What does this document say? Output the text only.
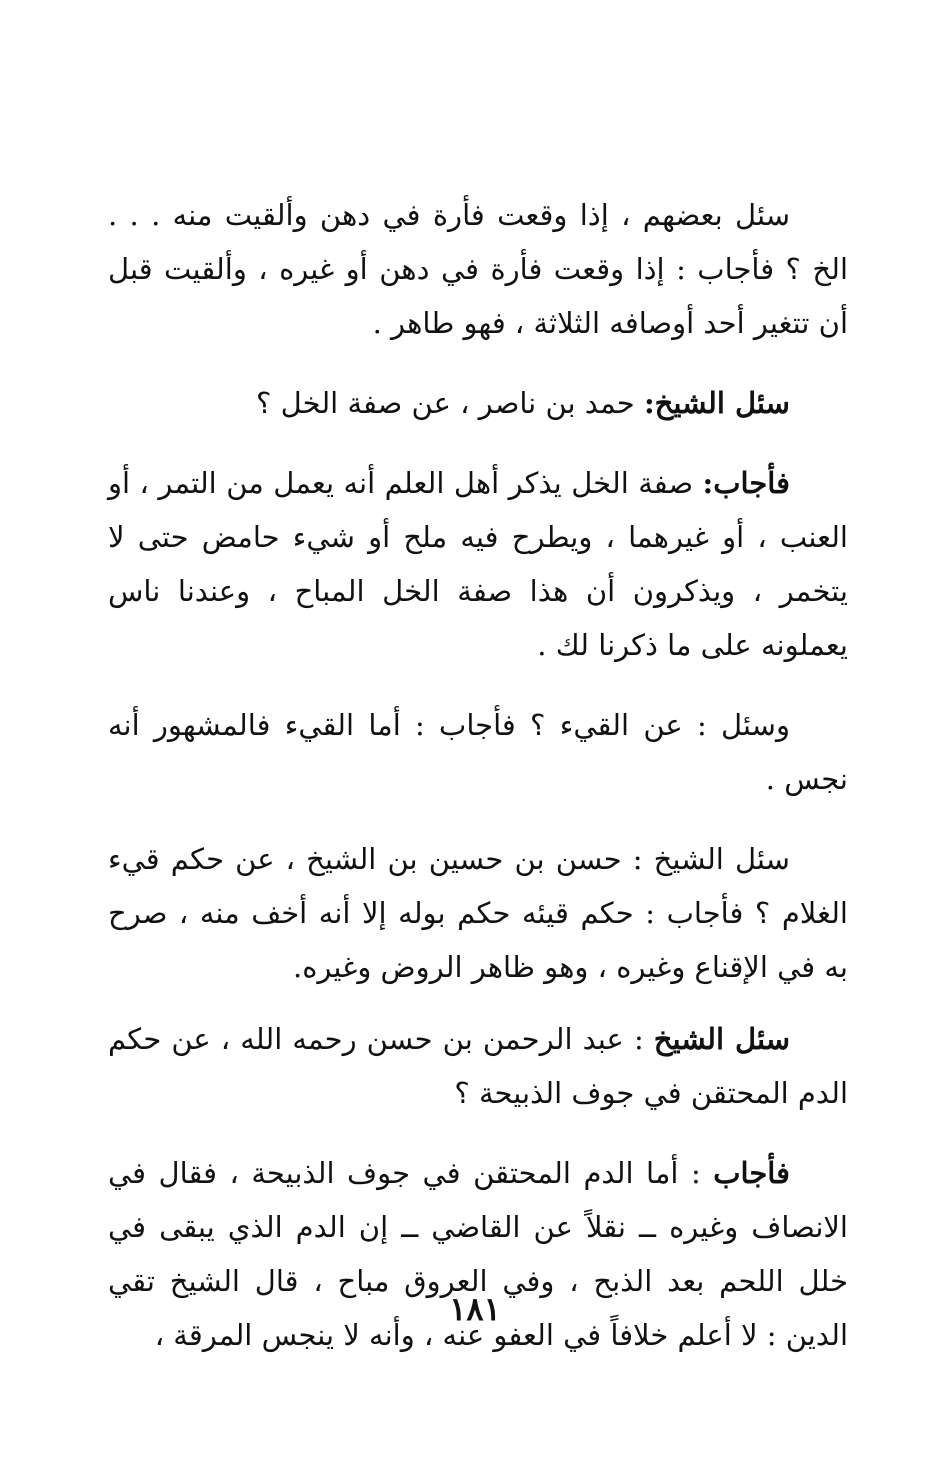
سئل بعضهم ، إذا وقعت فأرة في دهن وألقيت منه . . . الخ ؟ فأجاب : إذا وقعت فأرة في دهن أو غيره ، وألقيت قبل أن تتغير أحد أوصافه الثلاثة ، فهو طاهر .

سئل الشيخ: حمد بن ناصر ، عن صفة الخل ؟

فأجاب: صفة الخل يذكر أهل العلم أنه يعمل من التمر ، أو العنب ، أو غيرهما ، ويطرح فيه ملح أو شيء حامض حتى لا يتخمر ، ويذكرون أن هذا صفة الخل المباح ، وعندنا ناس يعملونه على ما ذكرنا لك .

وسئل : عن القيء ؟ فأجاب : أما القيء فالمشهور أنه نجس .

سئل الشيخ : حسن بن حسين بن الشيخ ، عن حكم قيء الغلام ؟ فأجاب : حكم قيئه حكم بوله إلا أنه أخف منه ، صرح به في الإقناع وغيره ، وهو ظاهر الروض وغيره.

سئل الشيخ : عبد الرحمن بن حسن رحمه الله ، عن حكم الدم المحتقن في جوف الذبيحة ؟

فأجاب : أما الدم المحتقن في جوف الذبيحة ، فقال في الانصاف وغيره ــ نقلاً عن القاضي ــ إن الدم الذي يبقى في خلل اللحم بعد الذبح ، وفي العروق مباح ، قال الشيخ تقي الدين : لا أعلم خلافاً في العفو عنه ، وأنه لا ينجس المرقة ،

١٨١
